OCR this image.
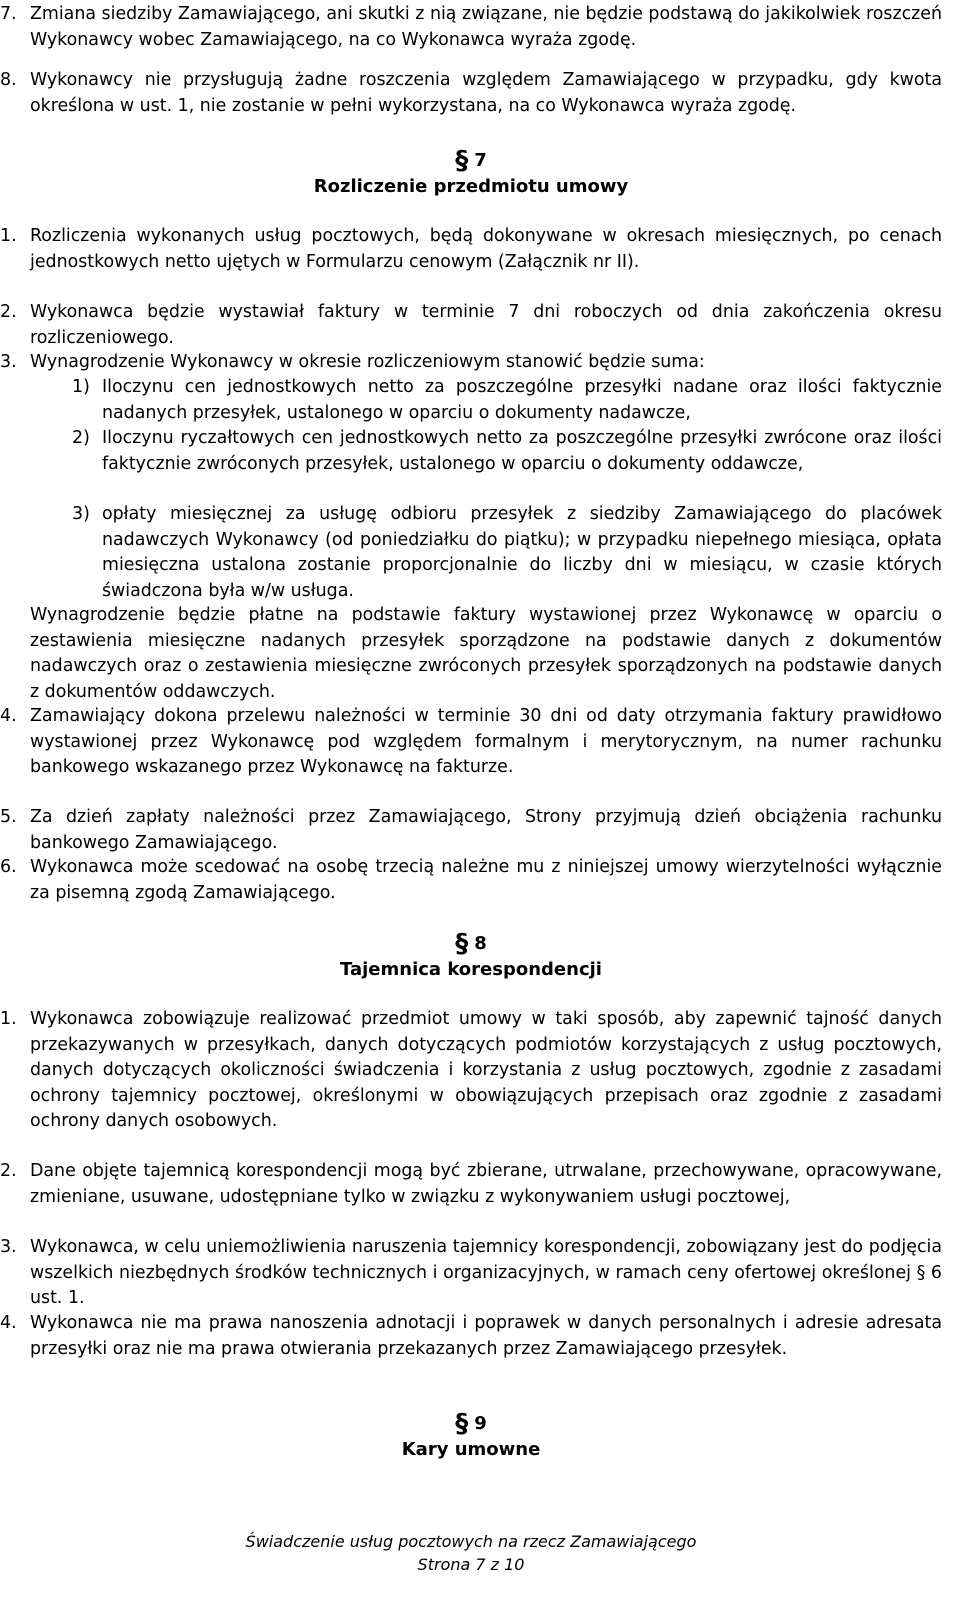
7. Zmiana siedziby Zamawiającego, ani skutki z nią związane, nie będzie podstawą do jakikolwiek roszczeń Wykonawcy wobec Zamawiającego, na co Wykonawca wyraża zgodę.

8. Wykonawcy nie przysługują żadne roszczenia względem Zamawiającego w przypadku, gdy kwota określona w ust. 1, nie zostanie w pełni wykorzystana, na co Wykonawca wyraża zgodę.

§ 7
Rozliczenie przedmiotu umowy

1. Rozliczenia wykonanych usług pocztowych, będą dokonywane w okresach miesięcznych, po cenach jednostkowych netto ujętych w Formularzu cenowym (Załącznik nr II).

2. Wykonawca będzie wystawiał faktury w terminie 7 dni roboczych od dnia zakończenia okresu rozliczeniowego.

3. Wynagrodzenie Wykonawcy w okresie rozliczeniowym stanowić będzie suma:

1) Iloczynu cen jednostkowych netto za poszczególne przesyłki nadane oraz ilości faktycznie nadanych przesyłek, ustalonego w oparciu o dokumenty nadawcze,

2) Iloczynu ryczałtowych cen jednostkowych netto za poszczególne przesyłki zwrócone oraz ilości faktycznie zwróconych przesyłek, ustalonego w oparciu o dokumenty oddawcze,

3) opłaty miesięcznej za usługę odbioru przesyłek z siedziby Zamawiającego do placówek nadawczych Wykonawcy (od poniedziałku do piątku); w przypadku niepełnego miesiąca, opłata miesięczna ustalona zostanie proporcjonalnie do liczby dni w miesiącu, w czasie których świadczona była w/w usługa.

Wynagrodzenie będzie płatne na podstawie faktury wystawionej przez Wykonawcę w oparciu o zestawienia miesięczne nadanych przesyłek sporządzone na podstawie danych z dokumentów nadawczych oraz o zestawienia miesięczne zwróconych przesyłek sporządzonych na podstawie danych z dokumentów oddawczych.

4. Zamawiający dokona przelewu należności w terminie 30 dni od daty otrzymania faktury prawidłowo wystawionej przez Wykonawcę pod względem formalnym i merytorycznym, na numer rachunku bankowego wskazanego przez Wykonawcę na fakturze.

5. Za dzień zapłaty należności przez Zamawiającego, Strony przyjmują dzień obciążenia rachunku bankowego Zamawiającego.

6. Wykonawca może scedować na osobę trzecią należne mu z niniejszej umowy wierzytelności wyłącznie za pisemną zgodą Zamawiającego.

§ 8
Tajemnica korespondencji

1. Wykonawca zobowiązuje realizować przedmiot umowy w taki sposób, aby zapewnić tajność danych przekazywanych w przesyłkach, danych dotyczących podmiotów korzystających z usług pocztowych, danych dotyczących okoliczności świadczenia i korzystania z usług pocztowych, zgodnie z zasadami ochrony tajemnicy pocztowej, określonymi w obowiązujących przepisach oraz zgodnie z zasadami ochrony danych osobowych.

2. Dane objęte tajemnicą korespondencji mogą być zbierane, utrwalane, przechowywane, opracowywane, zmieniane, usuwane, udostępniane tylko w związku z wykonywaniem usługi pocztowej,

3. Wykonawca, w celu uniemożliwienia naruszenia tajemnicy korespondencji, zobowiązany jest do podjęcia wszelkich niezbędnych środków technicznych i organizacyjnych, w ramach ceny ofertowej określonej § 6 ust. 1.

4. Wykonawca nie ma prawa nanoszenia adnotacji i poprawek w danych personalnych i adresie adresata przesyłki oraz nie ma prawa otwierania przekazanych przez Zamawiającego przesyłek.

§ 9
Kary umowne
Świadczenie usług pocztowych na rzecz Zamawiającego
Strona 7 z 10
